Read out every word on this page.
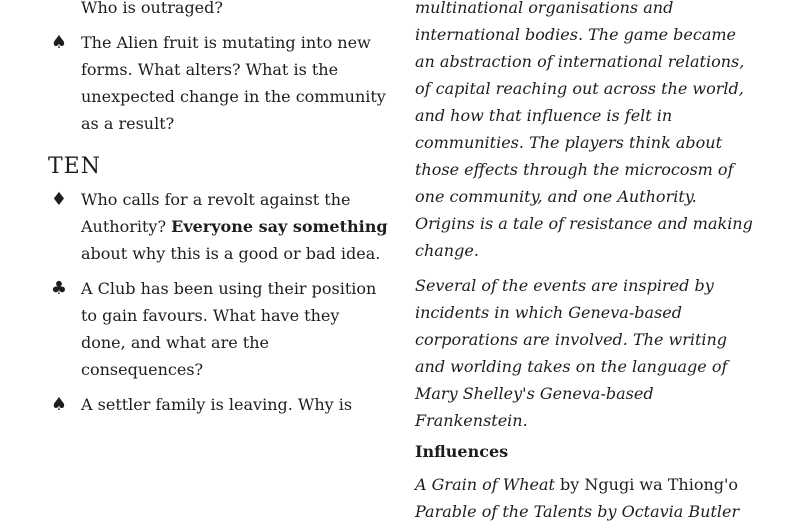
Who is outraged?
♠ The Alien fruit is mutating into new forms. What alters? What is the unexpected change in the community as a result?
TEN
♦ Who calls for a revolt against the Authority? Everyone say something about why this is a good or bad idea.
♣ A Club has been using their position to gain favours. What have they done, and what are the consequences?
♠ A settler family is leaving. Why is
multinational organisations and international bodies. The game became an abstraction of international relations, of capital reaching out across the world, and how that influence is felt in communities. The players think about those effects through the microcosm of one community, and one Authority. Origins is a tale of resistance and making change.
Several of the events are inspired by incidents in which Geneva-based corporations are involved. The writing and worlding takes on the language of Mary Shelley's Geneva-based Frankenstein.
Influences
A Grain of Wheat by Ngugi wa Thiong'o
Parable of the Talents by Octavia Butler
